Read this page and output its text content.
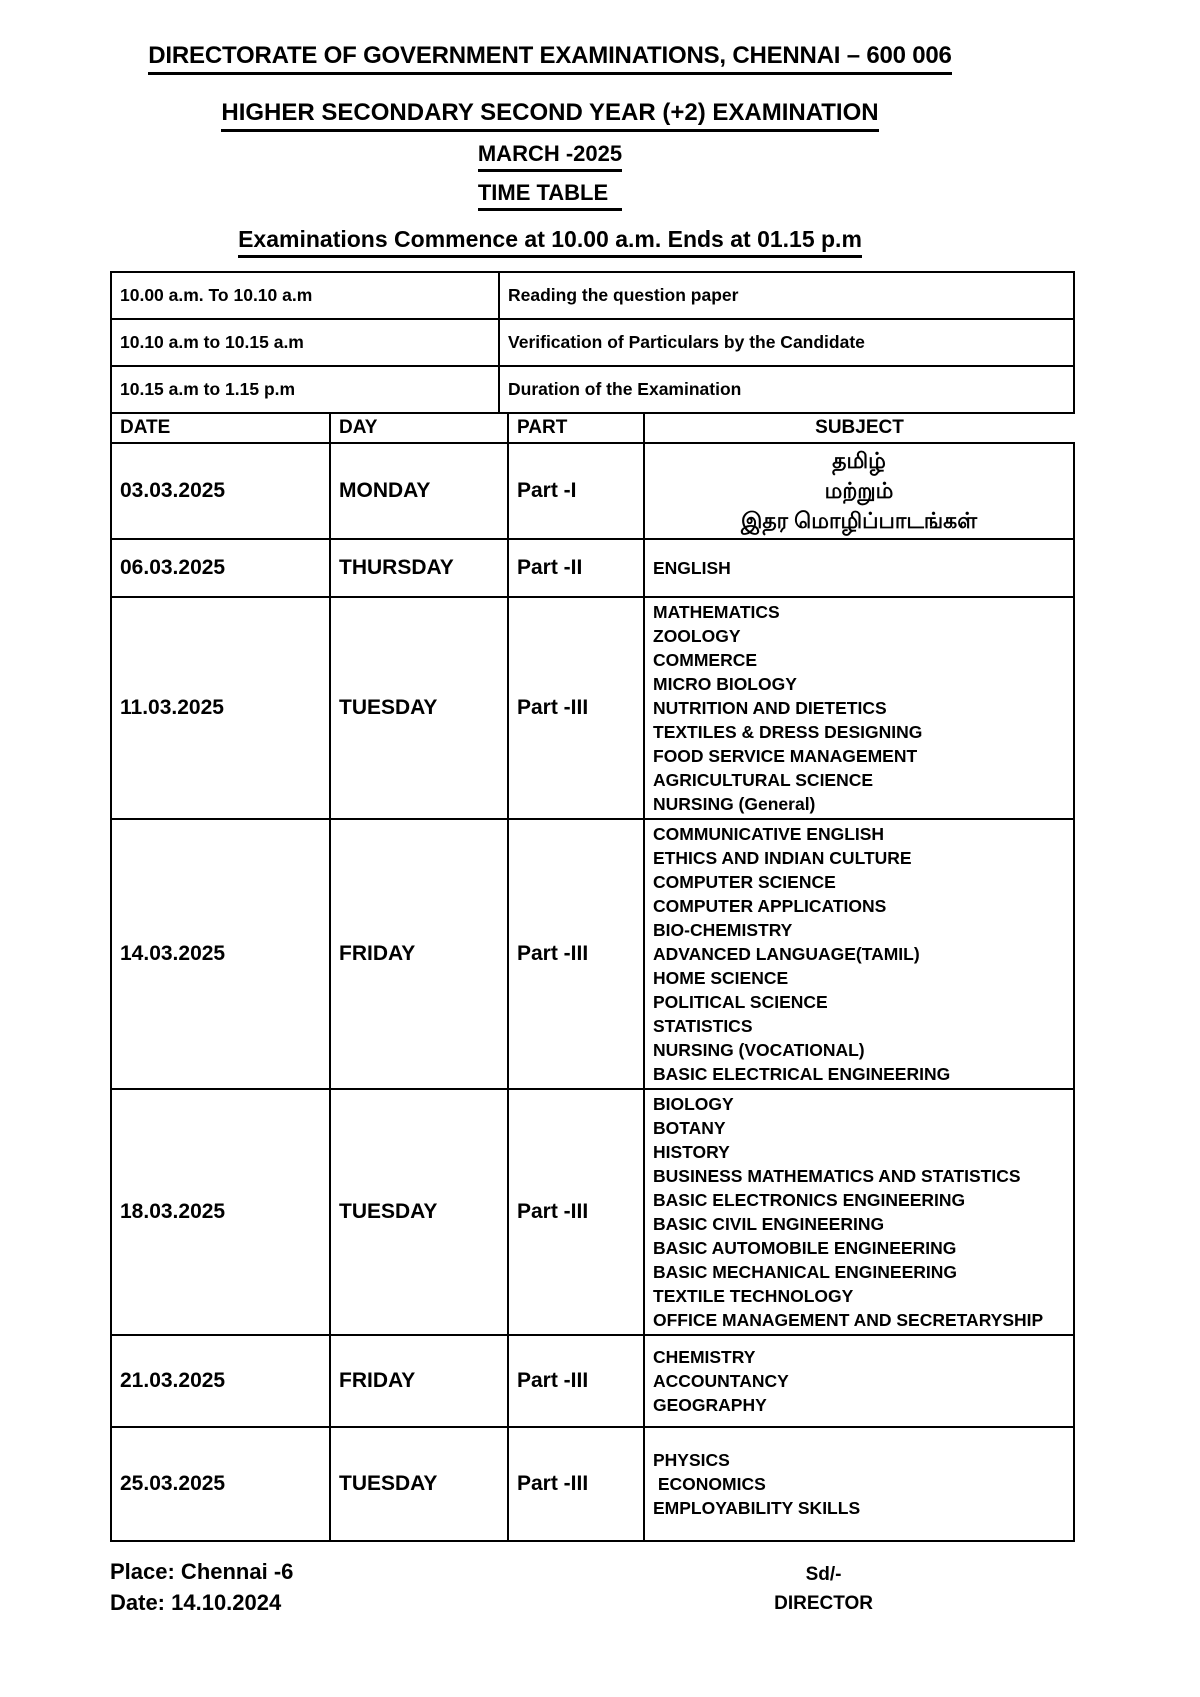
DIRECTORATE OF GOVERNMENT EXAMINATIONS, CHENNAI – 600 006
HIGHER SECONDARY SECOND YEAR (+2) EXAMINATION
MARCH -2025
TIME TABLE
Examinations Commence at 10.00 a.m. Ends at 01.15 p.m
10.00 a.m. To 10.10 a.m	Reading the question paper
10.10 a.m to 10.15 a.m	Verification of Particulars by the Candidate
10.15 a.m to 1.15 p.m	Duration of the Examination
DATE	DAY	PART	SUBJECT
03.03.2025	MONDAY	Part -I	தமிழ்
மற்றும்
இதர மொழிப்பாடங்கள்

06.03.2025	THURSDAY	Part -II	ENGLISH

11.03.2025	TUESDAY	Part -III	
MATHEMATICS
ZOOLOGY
COMMERCE
MICRO BIOLOGY
NUTRITION AND DIETETICS
TEXTILES & DRESS DESIGNING
FOOD SERVICE MANAGEMENT
AGRICULTURAL SCIENCE
NURSING (General)

14.03.2025	FRIDAY	Part -III	
COMMUNICATIVE ENGLISH
ETHICS AND INDIAN CULTURE
COMPUTER SCIENCE
COMPUTER APPLICATIONS
BIO-CHEMISTRY
ADVANCED LANGUAGE(TAMIL)
HOME SCIENCE
POLITICAL SCIENCE
STATISTICS
NURSING (VOCATIONAL)
BASIC ELECTRICAL ENGINEERING

18.03.2025	TUESDAY	Part -III	
BIOLOGY
BOTANY
HISTORY
BUSINESS MATHEMATICS AND STATISTICS
BASIC ELECTRONICS ENGINEERING
BASIC CIVIL ENGINEERING
BASIC AUTOMOBILE ENGINEERING
BASIC MECHANICAL ENGINEERING
TEXTILE TECHNOLOGY
OFFICE MANAGEMENT AND SECRETARYSHIP

21.03.2025	FRIDAY	Part -III	CHEMISTRY
ACCOUNTANCY
GEOGRAPHY

25.03.2025	TUESDAY	Part -III	PHYSICS
ECONOMICS
EMPLOYABILITY SKILLS
Place: Chennai -6
Date: 14.10.2024
Sd/-
DIRECTOR
